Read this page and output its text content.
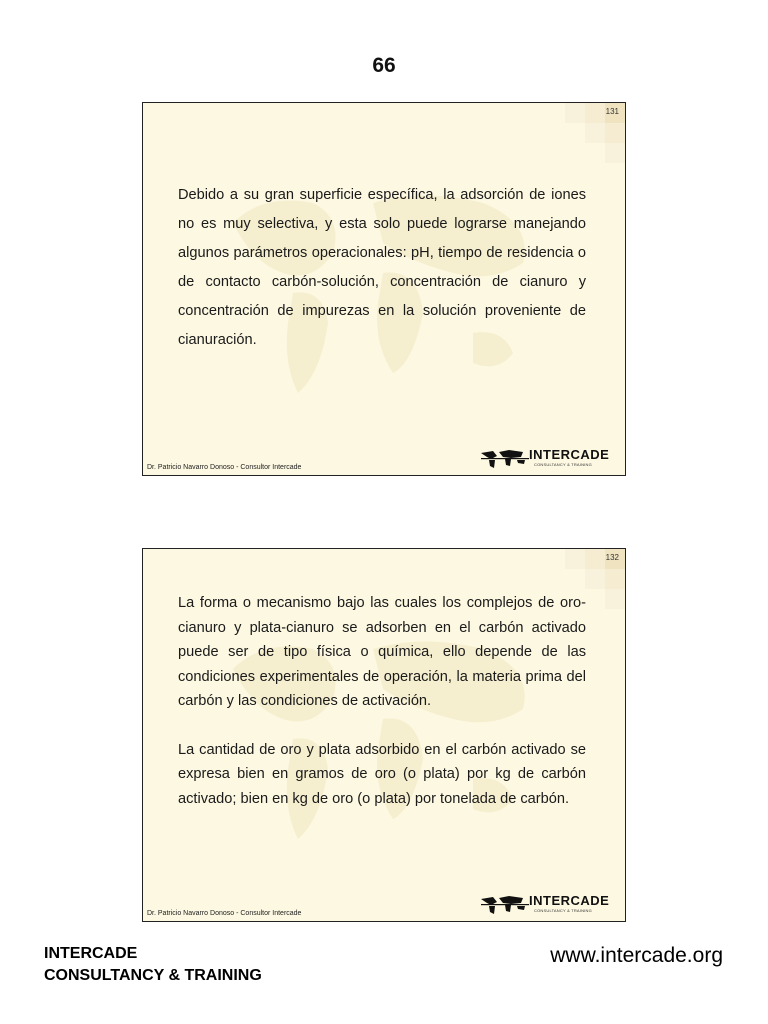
66
131

Debido a su gran superficie específica, la adsorción de iones no es muy selectiva, y esta solo puede lograrse manejando algunos parámetros operacionales: pH, tiempo de residencia o de contacto carbón-solución, concentración de cianuro y concentración de impurezas en la solución proveniente de cianuración.

Dr. Patricio Navarro Donoso - Consultor Intercade
INTERCADE
CONSULTANCY & TRAINING
132

La forma o mecanismo bajo las cuales los complejos de oro-cianuro y plata-cianuro se adsorben en el carbón activado puede ser de tipo física o química, ello depende de las condiciones experimentales de operación, la materia prima del carbón y las condiciones de activación.

La cantidad de oro y plata adsorbido en el carbón activado se expresa bien en gramos de oro (o plata) por kg de carbón activado; bien en kg de oro (o plata) por tonelada de carbón.

Dr. Patricio Navarro Donoso - Consultor Intercade
INTERCADE
CONSULTANCY & TRAINING
INTERCADE
CONSULTANCY & TRAINING
www.intercade.org
